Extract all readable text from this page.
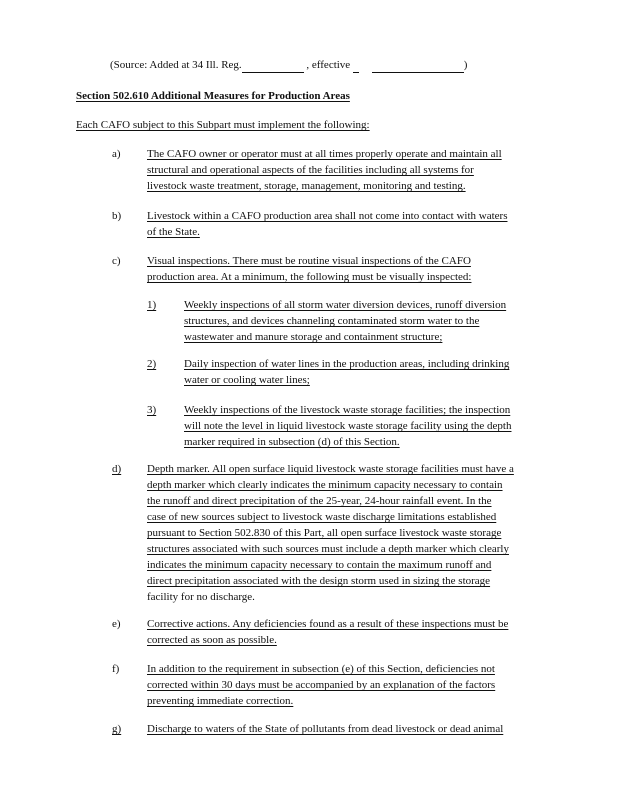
(Source: Added at 34 Ill. Reg.	, effective	)
Section 502.610 Additional Measures for Production Areas
Each CAFO subject to this Subpart must implement the following:
a) The CAFO owner or operator must at all times properly operate and maintain all
structural and operational aspects of the facilities including all systems for
livestock waste treatment, storage, management, monitoring and testing.
b) Livestock within a CAFO production area shall not come into contact with waters
of the State.
c) Visual inspections. There must be routine visual inspections of the CAFO
production area. At a minimum, the following must be visually inspected:
1)	Weekly inspections of all storm water diversion devices, runoff diversion
structures, and devices channeling contaminated storm water to the
wastewater and manure storage and containment structure;
2)	Daily inspection of water lines in the production areas, including drinking
water or cooling water lines;
3)	Weekly inspections of the livestock waste storage facilities; the inspection
will note the level in liquid livestock waste storage facility using the depth
marker required in subsection (d) of this Section.
d) Depth marker. All open surface liquid livestock waste storage facilities must have a
depth marker which clearly indicates the minimum capacity necessary to contain
the runoff and direct precipitation of the 25-year, 24-hour rainfall event. In the
case of new sources subject to livestock waste discharge limitations established
pursuant to Section 502.830 of this Part, all open surface livestock waste storage
structures associated with such sources must include a depth marker which clearly
indicates the minimum capacity necessary to contain the maximum runoff and
direct precipitation associated with the design storm used in sizing the storage
facility for no discharge.
e) Corrective actions. Any deficiencies found as a result of these inspections must be
corrected as soon as possible.
f)	In addition to the requirement in subsection (e) of this Section, deficiencies not
corrected within 30 days must be accompanied by an explanation of the factors
preventing immediate correction.
g) Discharge to waters of the State of pollutants from dead livestock or dead animal
